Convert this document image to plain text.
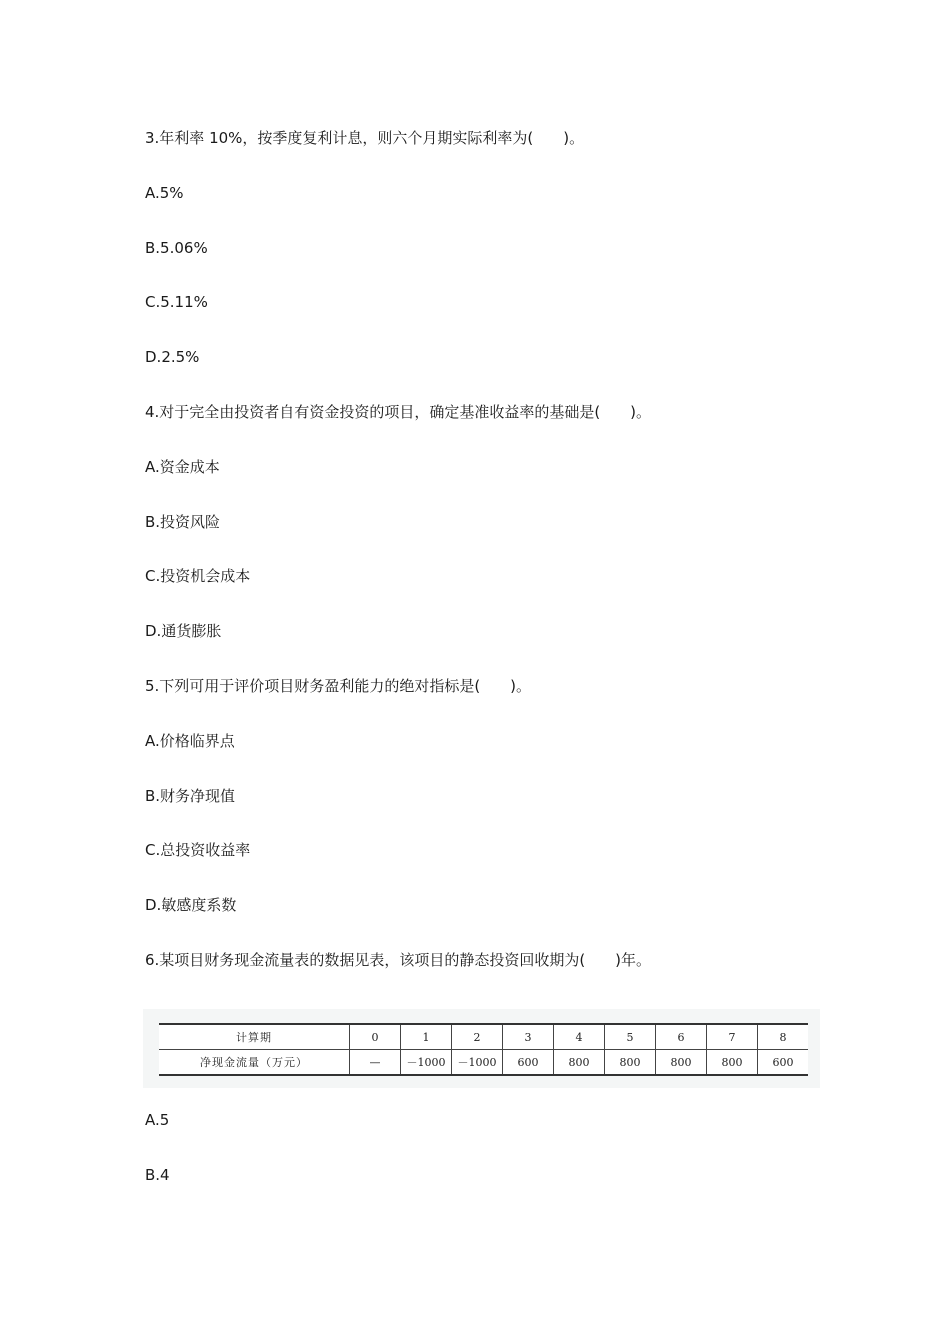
3.年利率 10%，按季度复利计息，则六个月期实际利率为(　　)。
A.5%
B.5.06%
C.5.11%
D.2.5%
4.对于完全由投资者自有资金投资的项目，确定基准收益率的基础是(　　)。
A.资金成本
B.投资风险
C.投资机会成本
D.通货膨胀
5.下列可用于评价项目财务盈利能力的绝对指标是(　　)。
A.价格临界点
B.财务净现值
C.总投资收益率
D.敏感度系数
6.某项目财务现金流量表的数据见表，该项目的静态投资回收期为(　　)年。
计算期	0	1	2	3	4	5	6	7	8
净现金流量（万元）	—	－1000	－1000	600	800	800	800	800	600
A.5
B.4
